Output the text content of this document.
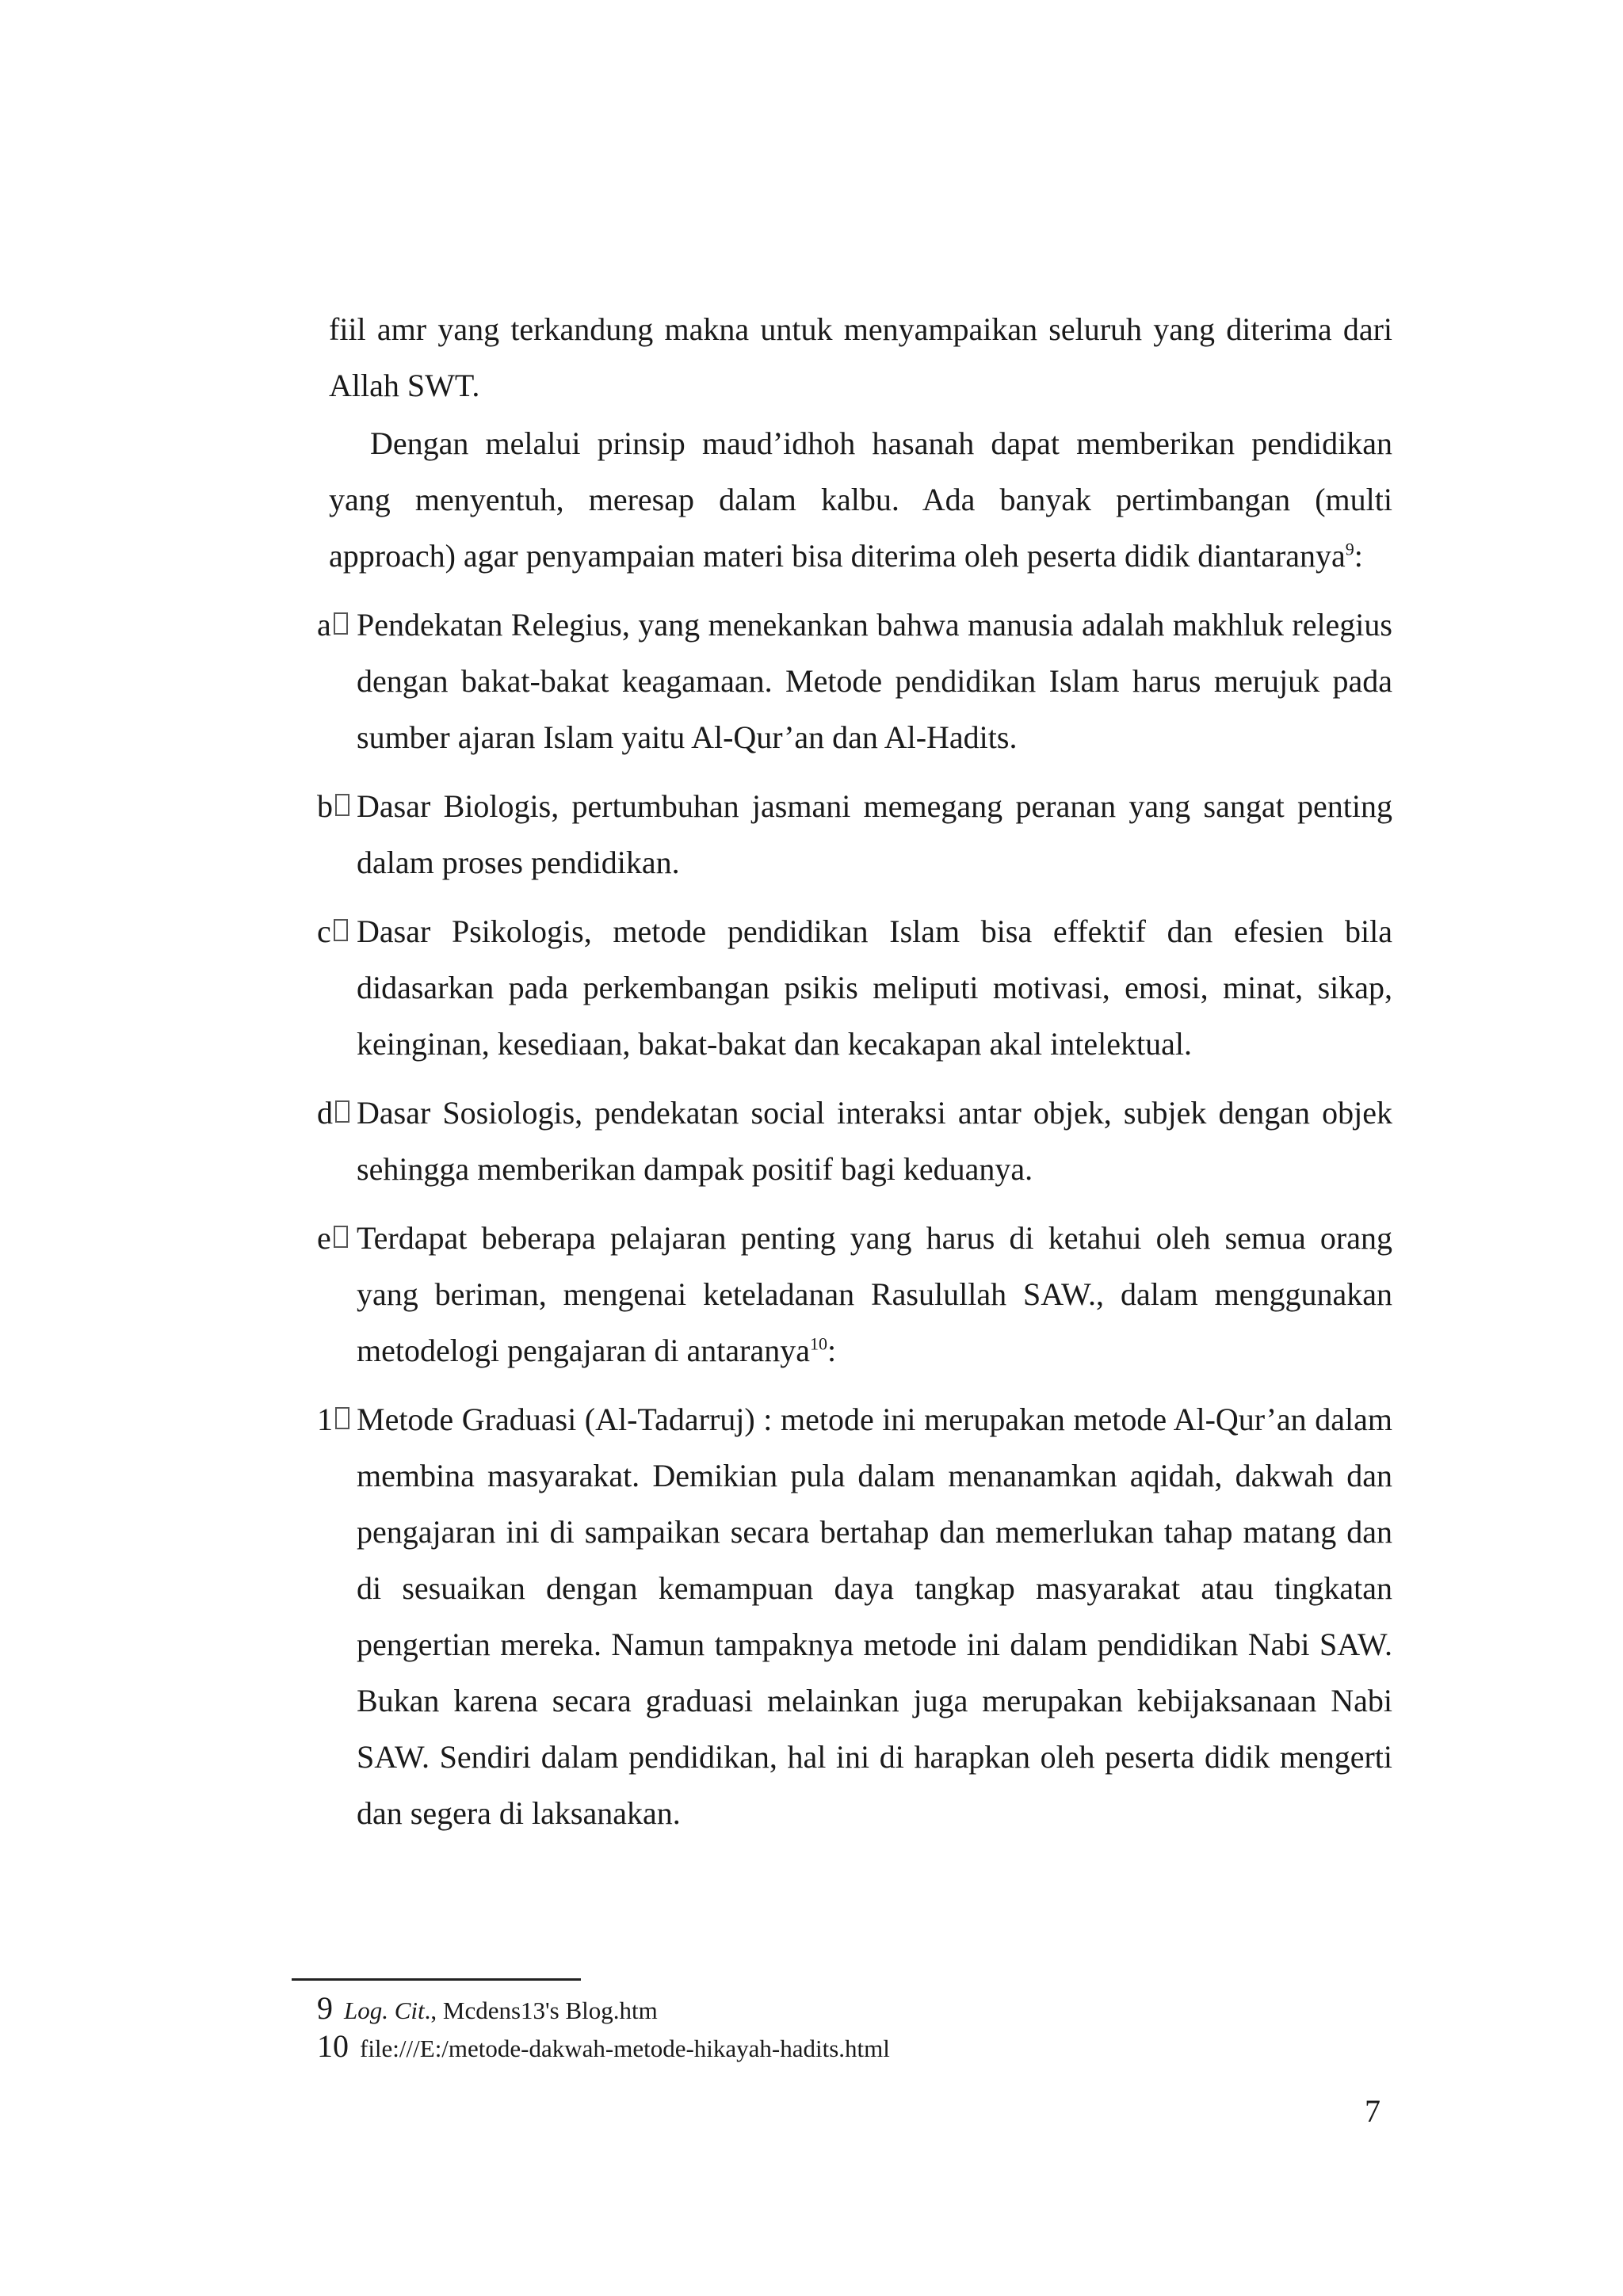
fiil amr yang terkandung makna untuk menyampaikan seluruh yang diterima dari Allah SWT.

Dengan melalui prinsip maud’idhoh hasanah dapat memberikan pendidikan yang menyentuh, meresap dalam kalbu. Ada banyak pertimbangan (multi approach) agar penyampaian materi bisa diterima oleh peserta didik diantaranya$^9$:

a Pendekatan Relegius, yang menekankan bahwa manusia adalah makhluk relegius dengan bakat-bakat keagamaan. Metode pendidikan Islam harus merujuk pada sumber ajaran Islam yaitu Al-Qur’an dan Al-Hadits.
b Dasar Biologis, pertumbuhan jasmani memegang peranan yang sangat penting dalam proses pendidikan.
c Dasar Psikologis, metode pendidikan Islam bisa effektif dan efesien bila didasarkan pada perkembangan psikis meliputi motivasi, emosi, minat, sikap, keinginan, kesediaan, bakat-bakat dan kecakapan akal intelektual.
d Dasar Sosiologis, pendekatan social interaksi antar objek, subjek dengan objek sehingga memberikan dampak positif bagi keduanya.
e Terdapat beberapa pelajaran penting yang harus di ketahui oleh semua orang yang beriman, mengenai keteladanan Rasulullah SAW., dalam menggunakan metodelogi pengajaran di antaranya$^{10}$:
1 Metode Graduasi (Al-Tadarruj) : metode ini merupakan metode Al-Qur’an dalam membina masyarakat. Demikian pula dalam menanamkan aqidah, dakwah dan pengajaran ini di sampaikan secara bertahap dan memerlukan tahap matang dan di sesuaikan dengan kemampuan daya tangkap masyarakat atau tingkatan pengertian mereka. Namun tampaknya metode ini dalam pendidikan Nabi SAW. Bukan karena secara graduasi melainkan juga merupakan kebijaksanaan Nabi SAW. Sendiri dalam pendidikan, hal ini di harapkan oleh peserta didik mengerti dan segera di laksanakan.
9 Log. Cit., Mcdens13's Blog.htm
10 file:///E:/metode-dakwah-metode-hikayah-hadits.html
7
